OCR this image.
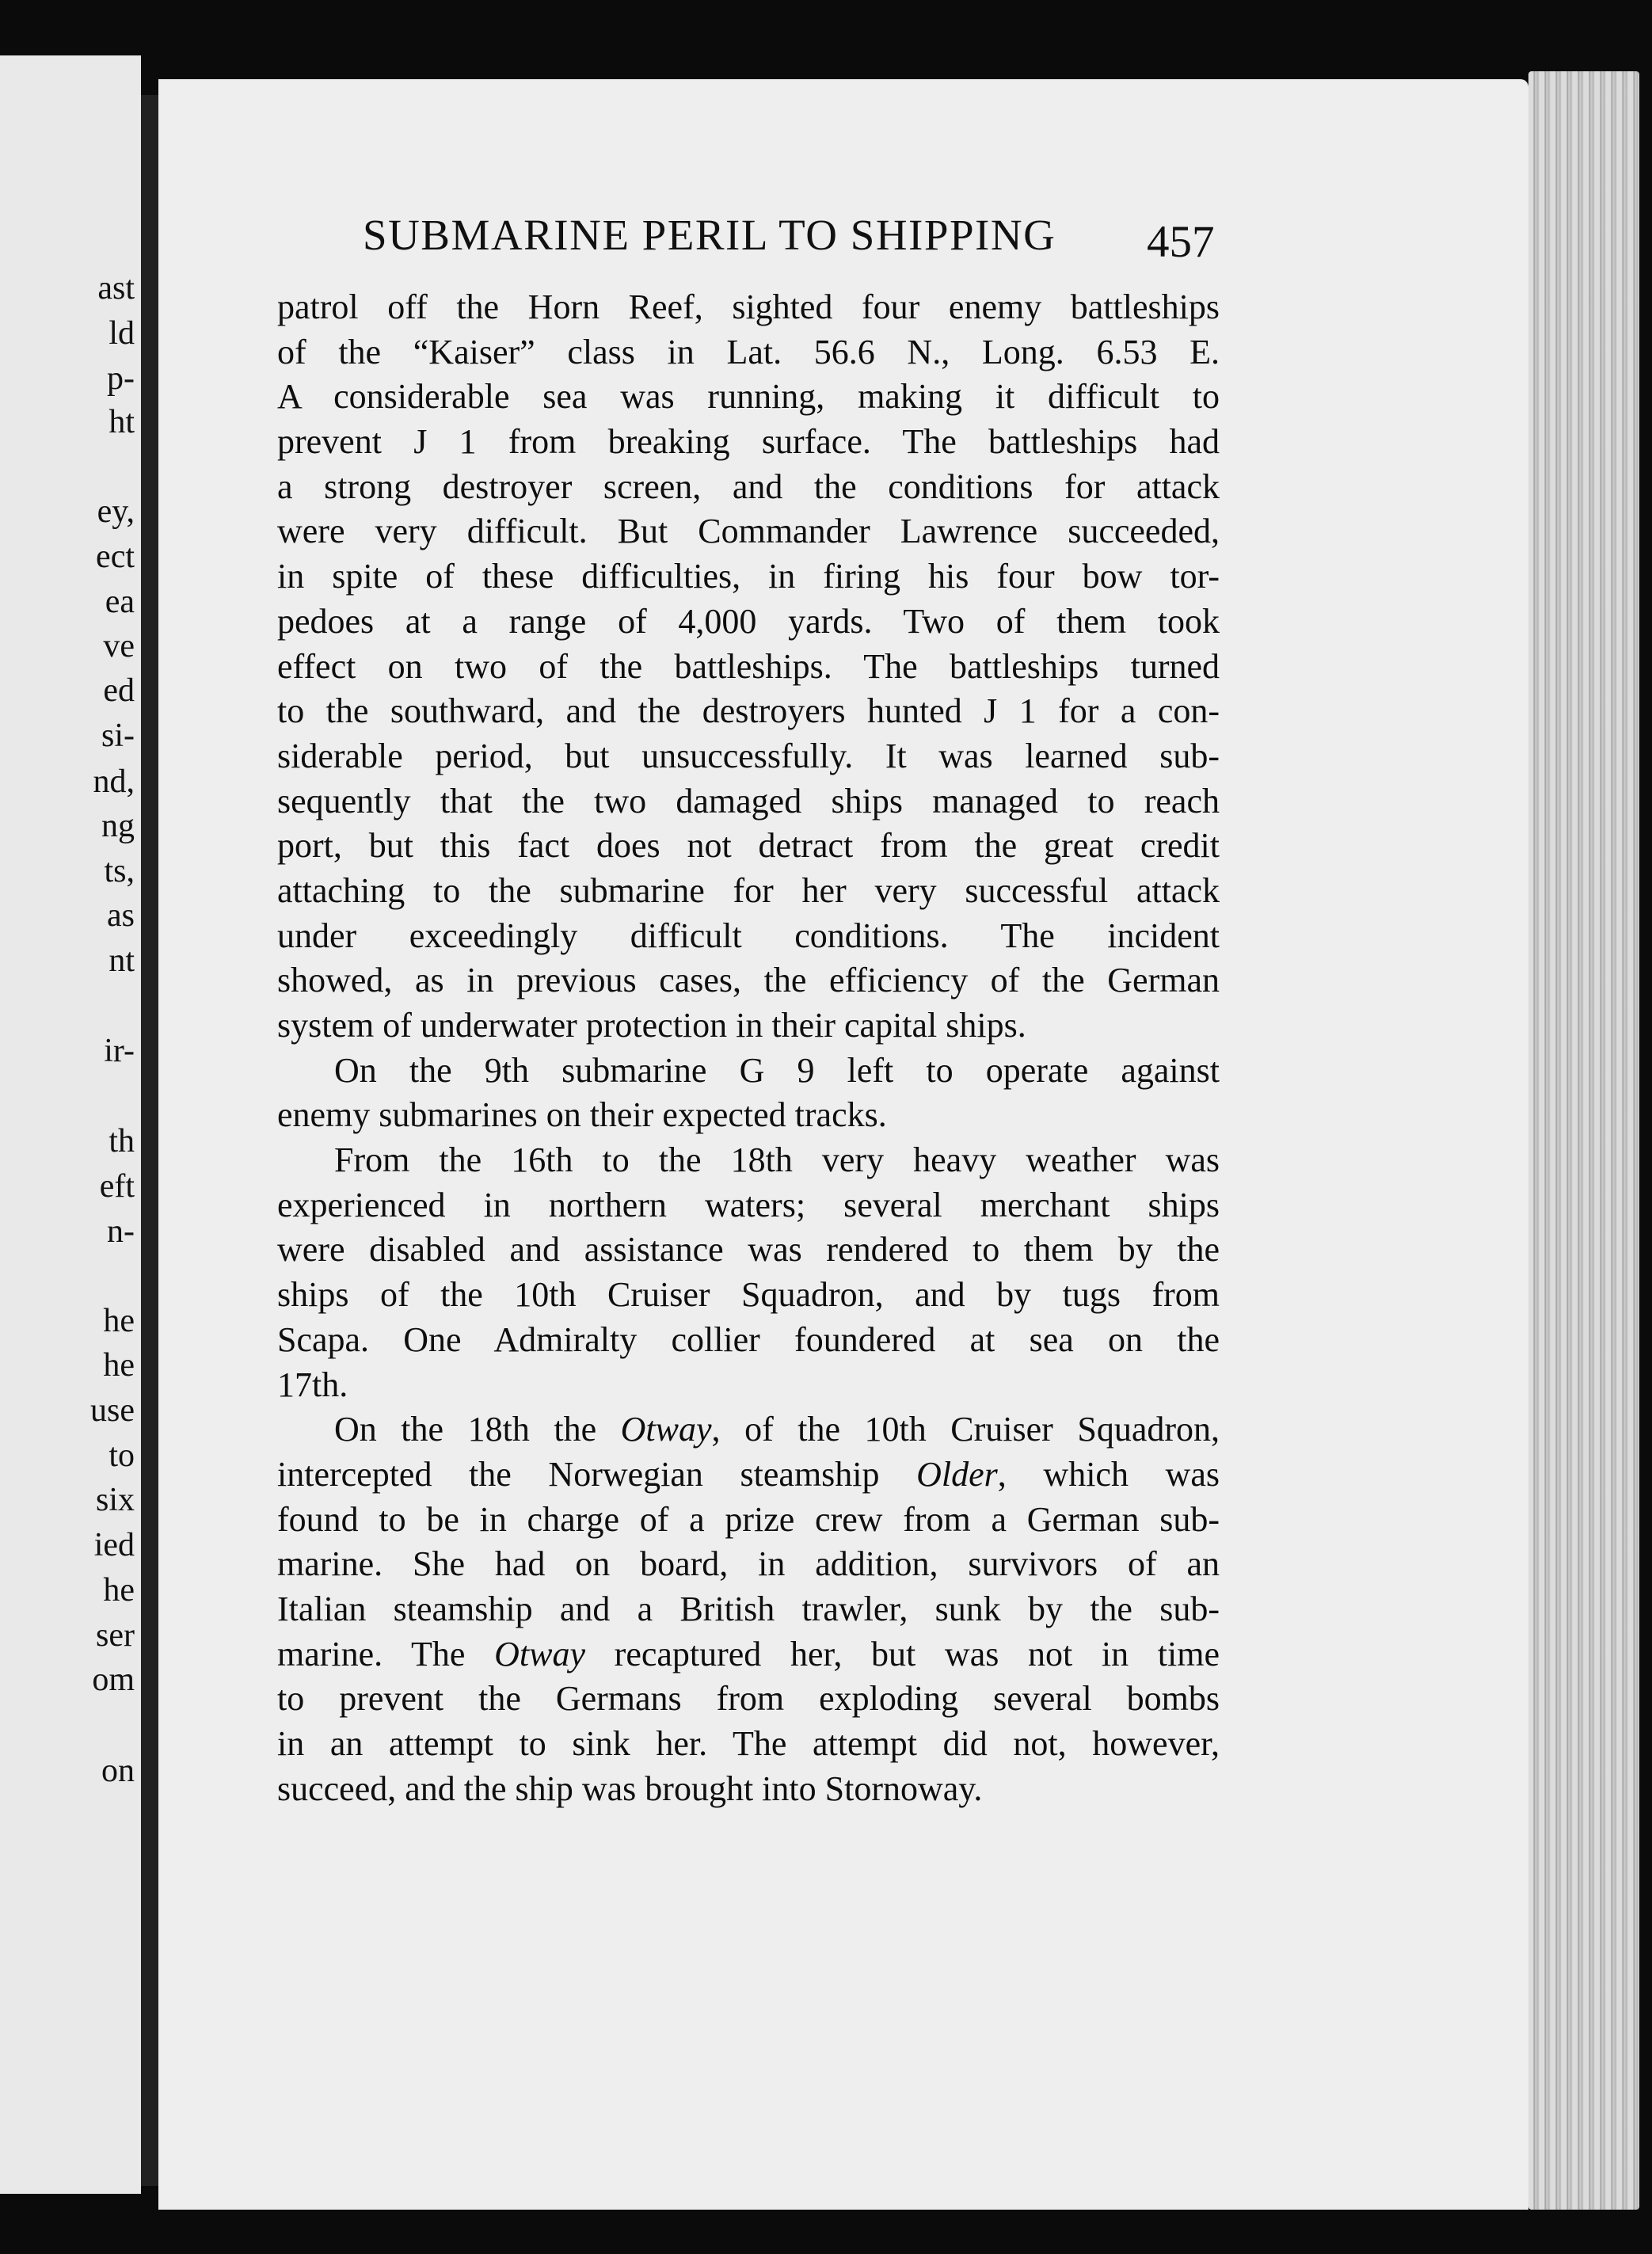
ast
ld
p-
ht
ey,
ect
ea
ve
ed
si-
nd,
ng
ts,
as
nt
ir-
th
eft
n-
he
he
use
to
six
ied
he
ser
om
on
SUBMARINE PERIL TO SHIPPING	457
patrol off the Horn Reef, sighted four enemy battleships
of the “Kaiser” class in Lat. 56.6 N., Long. 6.53 E.
A considerable sea was running, making it difficult to
prevent J 1 from breaking surface. The battleships had
a strong destroyer screen, and the conditions for attack
were very difficult. But Commander Lawrence succeeded,
in spite of these difficulties, in firing his four bow tor-
pedoes at a range of 4,000 yards. Two of them took
effect on two of the battleships. The battleships turned
to the southward, and the destroyers hunted J 1 for a con-
siderable period, but unsuccessfully. It was learned sub-
sequently that the two damaged ships managed to reach
port, but this fact does not detract from the great credit
attaching to the submarine for her very successful attack
under exceedingly difficult conditions. The incident
showed, as in previous cases, the efficiency of the German
system of underwater protection in their capital ships.
On the 9th submarine G 9 left to operate against
enemy submarines on their expected tracks.
From the 16th to the 18th very heavy weather was
experienced in northern waters; several merchant ships
were disabled and assistance was rendered to them by the
ships of the 10th Cruiser Squadron, and by tugs from
Scapa. One Admiralty collier foundered at sea on the
17th.
On the 18th the Otway, of the 10th Cruiser Squadron,
intercepted the Norwegian steamship Older, which was
found to be in charge of a prize crew from a German sub-
marine. She had on board, in addition, survivors of an
Italian steamship and a British trawler, sunk by the sub-
marine. The Otway recaptured her, but was not in time
to prevent the Germans from exploding several bombs
in an attempt to sink her. The attempt did not, however,
succeed, and the ship was brought into Stornoway.
